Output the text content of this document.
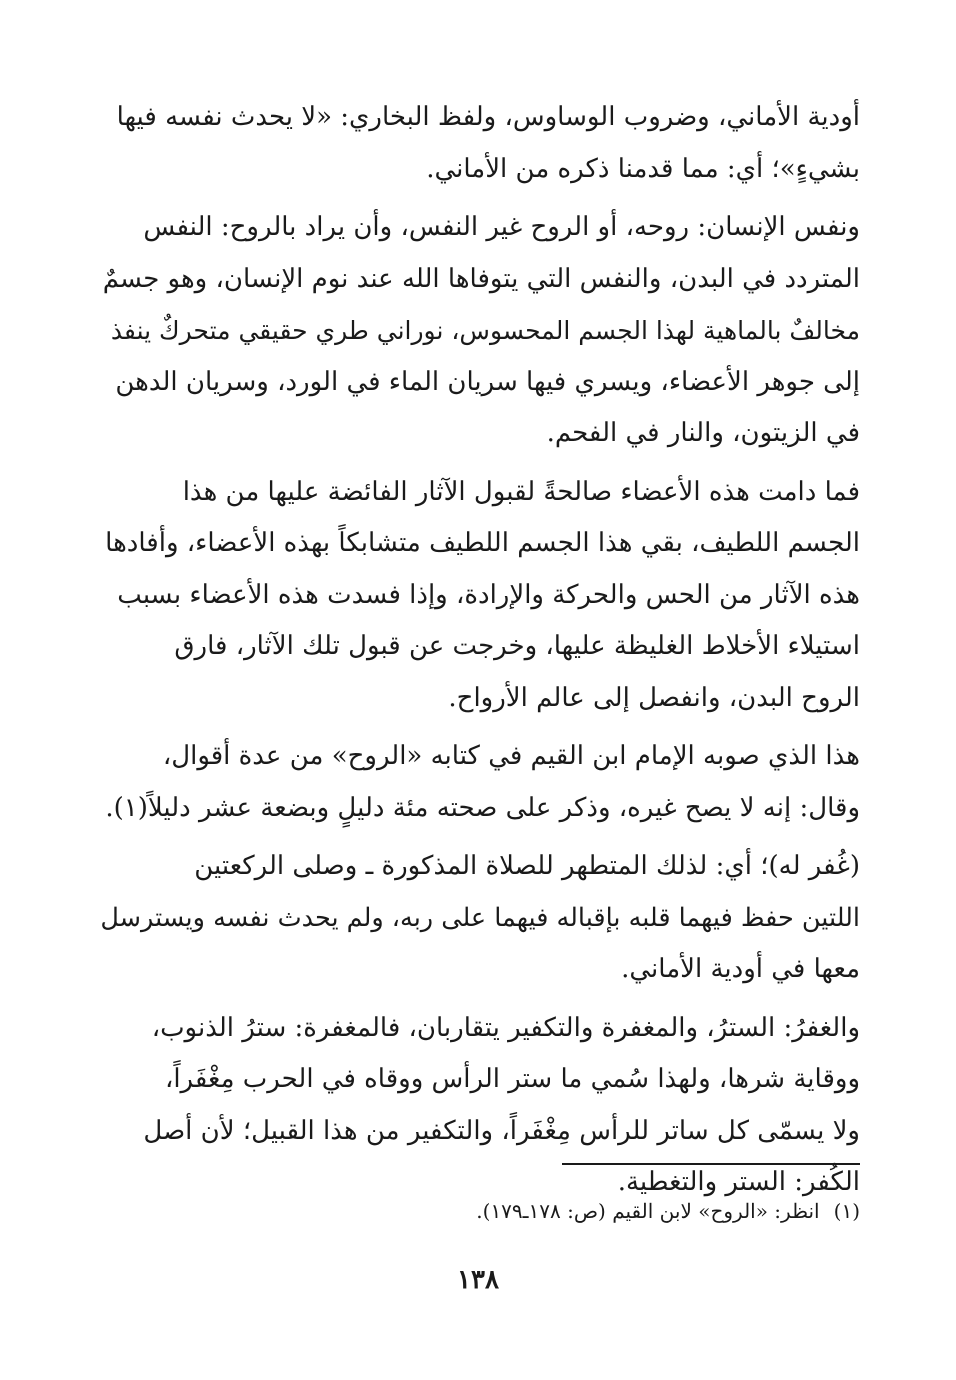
أودية الأماني، وضروب الوساوس، ولفظ البخاري: «لا يحدث نفسه فيها
بشيءٍ»؛ أي: مما قدمنا ذكره من الأماني.

ونفس الإنسان: روحه، أو الروح غير النفس، وأن يراد بالروح: النفس
المتردد في البدن، والنفس التي يتوفاها الله عند نوم الإنسان، وهو جسمٌ
مخالفٌ بالماهية لهذا الجسم المحسوس، نوراني طري حقيقي متحركٌ ينفذ
إلى جوهر الأعضاء، ويسري فيها سريان الماء في الورد، وسريان الدهن
في الزيتون، والنار في الفحم.

فما دامت هذه الأعضاء صالحةً لقبول الآثار الفائضة عليها من هذا
الجسم اللطيف، بقي هذا الجسم اللطيف متشابكاً بهذه الأعضاء، وأفادها
هذه الآثار من الحس والحركة والإرادة، وإذا فسدت هذه الأعضاء بسبب
استيلاء الأخلاط الغليظة عليها، وخرجت عن قبول تلك الآثار، فارق
الروح البدن، وانفصل إلى عالم الأرواح.

هذا الذي صوبه الإمام ابن القيم في كتابه «الروح» من عدة أقوال،
وقال: إنه لا يصح غيره، وذكر على صحته مئة دليلٍ وبضعة عشر دليلاً(١).

(غُفر له)؛ أي: لذلك المتطهر للصلاة المذكورة ـ وصلى الركعتين
اللتين حفظ فيهما قلبه بإقباله فيهما على ربه، ولم يحدث نفسه ويسترسل
معها في أودية الأماني.

والغفرُ: السترُ، والمغفرة والتكفير يتقاربان، فالمغفرة: سترُ الذنوب،
ووقاية شرها، ولهذا سُمي ما ستر الرأس ووقاه في الحرب مِغْفَراً،
ولا يسمّى كل ساتر للرأس مِغْفَراً، والتكفير من هذا القبيل؛ لأن أصل
الكُفر: الستر والتغطية.

(١)انظر: «الروح» لابن القيم (ص: ١٧٨ـ١٧٩).
١٣٨
